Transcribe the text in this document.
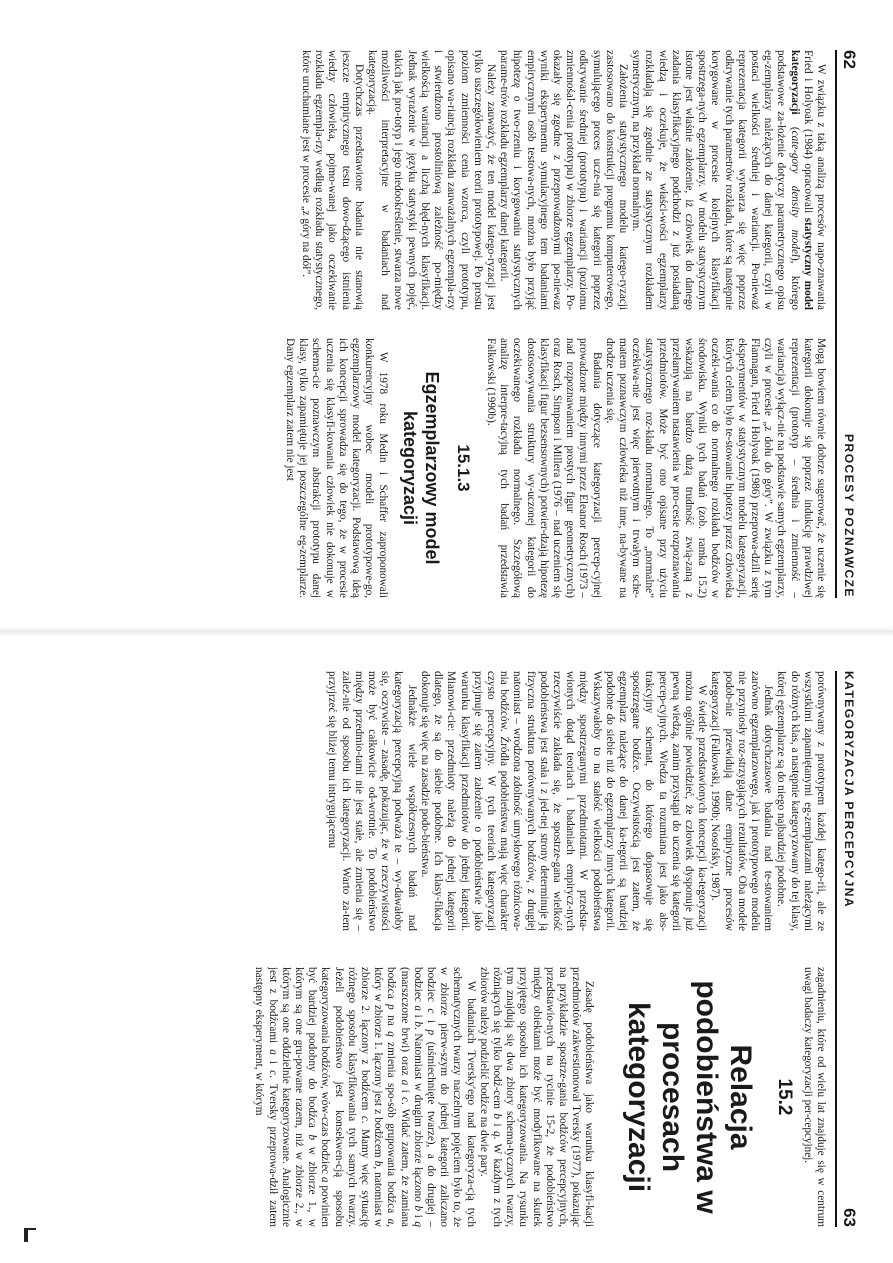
62
PROCESY POZNAWCZE

W związku z taką analizą procesów napo-znawania Fried i Holyoak (1984) opracowali statystyczny model kategoryzacji (cate-gory density model), którego podstawowe za-łożenie dotyczy parametrycznego opisu eg-zemplarzy należących do danej kategorii, czyli w postaci wielkości średniej i wariancji. Po-nieważ reprezentacja kategorii wytwarza się więc poprzez odkrywanie tych parametrów rozkładu, które są następnie korygowane w procesie kolejnych klasyfikacji spostrzega-nych egzemplarzy. W modelu statystycznym istotne jest właśnie założenie, iż człowiek do danego zadania klasyfikacyjnego podchodzi z już posiadaną wiedzą i oczekuje, że właści-wości egzemplarzy rozkładają się zgodnie ze statystycznym rozkładem symetrycznym, na przykład normalnym.

Założenia statystycznego modelu katego-ryzacji zastosowano do konstrukcji programu komputerowego, symulującego proces ucze-nia się kategorii poprzez odkrywanie średniej (prototypu) i wariancji (poziomu zmiennośal-cenia prototypu) w zbiorze egzemplarzy. Po-okazały się zgodne z przeprowadzonymi po-niewaz wyniki eksperymentu symulacyjnego tem badaniami empirycznymi osób testowa-nych, można było przyjąć hipotezę o two-rzeniu i korygowaniu statystycznych parame-trów rozkładu egzemplarzy danej kategorii.

Należy zauważyć, że ten model katego-ryzacji jest tylko uszczegółowieniem teorii prototypowej. Po prostu poziom zmienności cenia wzorca, czyli prototypu, opisano wa-riancją rozkładu zauważalnych egzempla-rzy i stwierdzono prostoliniową zależność po-między wielkością wariancji a liczbą błęd-nych klasyfikacji. Jednak wyrażenie w języku statystyki pewnych pojęć, takich jak pro-totyp i jego niedookreślenie, stwarza nowe możliwości interpretacyjne w badaniach nad kategoryzacją.

Dotychczas przedstawione badania nie stanowią jeszcze empirycznego testu dowo-dzącego istnienia wiedzy człowieka, pojmo-wanej jako oczekiwanie rozkładu egzempla-rzy według rozkładu statystycznego, które uruchamiane jest w procesie „z góry na dół”.

Mogą bowiem równie dobrze sugerować, że uczenie się kategorii dokonuje się poprzez indukcję prawdziwej reprezentacji (prototyp – średnia i zmienność – wariancja) wyłącz-nie na podstawie samych egzemplarzy, czyli w procesie „z dołu do góry”. W związku z tym Flannagan, Fried i Holyoak (1986) przeprowa-dzili serię eksperymentów w statystycznym modelu kategoryzacji, których celem było te-stowanie hipotezy przez człowieka oczeki-wania co do normalnego rozkładu bodźców w środowisku. Wyniki tych badań (zob. ramka 15.2) wskazują na bardzo dużą trudność zwią-zaną z przełamywaniem nastawienia w pro-cesie rozpoznawania przedmiotów. Może być ono opisane przy użyciu statystycznego roz-kładu normalnego. To „normalne” oczekiwa-nie jest więc pierwotnym i trwałym sche-matem poznawczym człowieka niż inne, na-bywane na drodze uczenia się.

Badania dotyczące kategoryzacji percep-cyjnej prowadzone między innymi przez Eleanor Rosch (1973 – nad rozpoznawaniem prostych figur geometrycznych) oraz Rosch, Simpson i Millera (1976 – nad uczeniem się klasyfikacji figur bezsensownych) potwier-dzają hipotezę dostosowywania struktury wy-uczonej kategorii do oczekiwanego rozkładu normalnego. Szczegółową analizę interpre-tacyjną tych badań przedstawia Falkowski (1990b).

15.1.3
Egzemplarzowy model kategoryzacji

W 1978 roku Medin i Schaffer zaproponowali konkurencyjny wobec modeli prototypowe-go, egzemplarzowy model kategoryzacji. Podstawową ideą ich koncepcji sprowadza się do tego, że w procesie uczenia się klasyfi-kowania człowiek nie dokonuje w schema-cie poznawczym abstrakcji prototypu danej klasy, tylko zapamiętuje jej poszczególne eg-zemplarze. Dany egzemplarz zatem nie jest

KATEGORYZACJA PERCEPCYJNA
63

porównywany z prototypem każdej katego-rii, ale ze wszystkimi zapamiętanymi eg-zemplarzami należącymi do różnych klas, a następnie kategoryzowany do tej klasy, której egzemplarze są do niego najbardziej podobne.

Jednak dotychczasowe badania nad te-stowaniem zarówno egzemplarzowego, jak i prototypowego modelu nie przyniosły roz-strzygających rezultatów. Oba modele podob-nie przewidują dane empiryczne procesów kategoryzacji (Falkowski, 1990b; Nosofsky, 1987).

W świetle przedstawionych koncepcji ka-tegoryzacji można ogólnie powiedzieć, że człowiek dysponuje już pewną wiedzą, zanim przystąpi do uczenia się kategorii percep-cyjnych. Wiedza ta rozumiana jest jako abs-trakcyjny schemat, do którego dopasowuje się spostrzegane bodźce. Oczywistością jest zatem, że egzemplarz należące do danej ka-tegorii są bardziej podobne do siebie niż do egzemplarzy innych kategorii. Wskazywałoby to na stałość wielkości podobieństwa między spostrzeganymi przedmiotami. W przedsta-wionych dotąd teoriach i badaniach empirycz-nych rzeczywiście zakłada się, że spostrze-gana wielkość podobieństwa jest stała i z jed-nej strony determinuje ją fizyczna struktura porównywanych bodźców, z drugiej natomiast – wrodzona zdolność umysłowego różnicowa-nia bodźców. Źródła podobieństwa mają więc charakter czysto percepcyjny. W tych teoriach kategoryzacji przyjmuje się zatem założenie o podobieństwie jako warunku klasyfikacji przedmiotów do jednej kategorii. Mianowi-cie: przedmioty należą do jednej kategorii dlatego, że są do siebie podobne. Ich klasy-fikacja dokonuje się więc na zasadzie podo-bieństwa.

Jednakże wiele współczesnych badań nad kategoryzacją percepcyjną podważa te – wy-dawałoby się, oczywiste – zasadę, pokazując, że w rzeczywistości może być całkowicie od-wrotnie. To podobieństwo między przedmio-tami nie jest stałe, ale zmienia się – zależ-nie od sposobu ich kategoryzacji. Warto za-tem przyjrzeć się bliżej temu intrygującemu

zagadnieniu, które od wielu lat znajduje się w centrum uwagi badaczy kategoryzacji per-cepcyjnej.

15.2
Relacja podobieństwa w procesach kategoryzacji

Zasadę podobieństwa jako warunku klasyfi-kacji przedmiotów zakwestionował Tversky (1977), pokazując na przykładzie spostrze-gania bodźców percepcyjnych, przedstawio-nych na rycinie 15-2, że podobieństwo między obiektami może być modyfikowane na skutek przyjętego sposobu ich kategoryzowania. Na rysunku tym znajdują się dwa zbiory schema-tycznych twarzy, różniących się tylko bodź-cem b i q. W każdym z tych zbiorów należy podzielić bodźce na dwie pary.

W badaniach Tversky'ego nad kategoryza-cją tych schematycznych twarzy naczelnym pojęciem było to, że w zbiorze pierw-szym do jednej kategorii zaliczano bodziec c i p (uśmiechnięte twarze), a do drugiej – bodziec a i b. Natomiast w drugim zbiorze łączono b i q (marszczone brwi) oraz a i c. Widać zatem, że zamiana bodźca p na q zmienia spo-sób grupowania bodźca a, który w zbiorze 1. łączony jest z bodźcem b, natomiast w zbiorze 2. łączony z bodźcem c. Mamy więc sytuację różnego sposobu klasyfikowania tych samych twarzy. Jeżeli podobieństwo jest konsekwen-cją sposobu kategoryzowania bodźców, wów-czas bodziec a powinien być bardziej podobny do bodźca b w zbiorze 1., w którym są one gru-powane razem, niż w zbiorze 2., w którym są one oddzielnie kategoryzowane. Analogicznie jest z bodźcami a i c. Tversky przeprowa-dził zatem następny eksperyment, w którym
